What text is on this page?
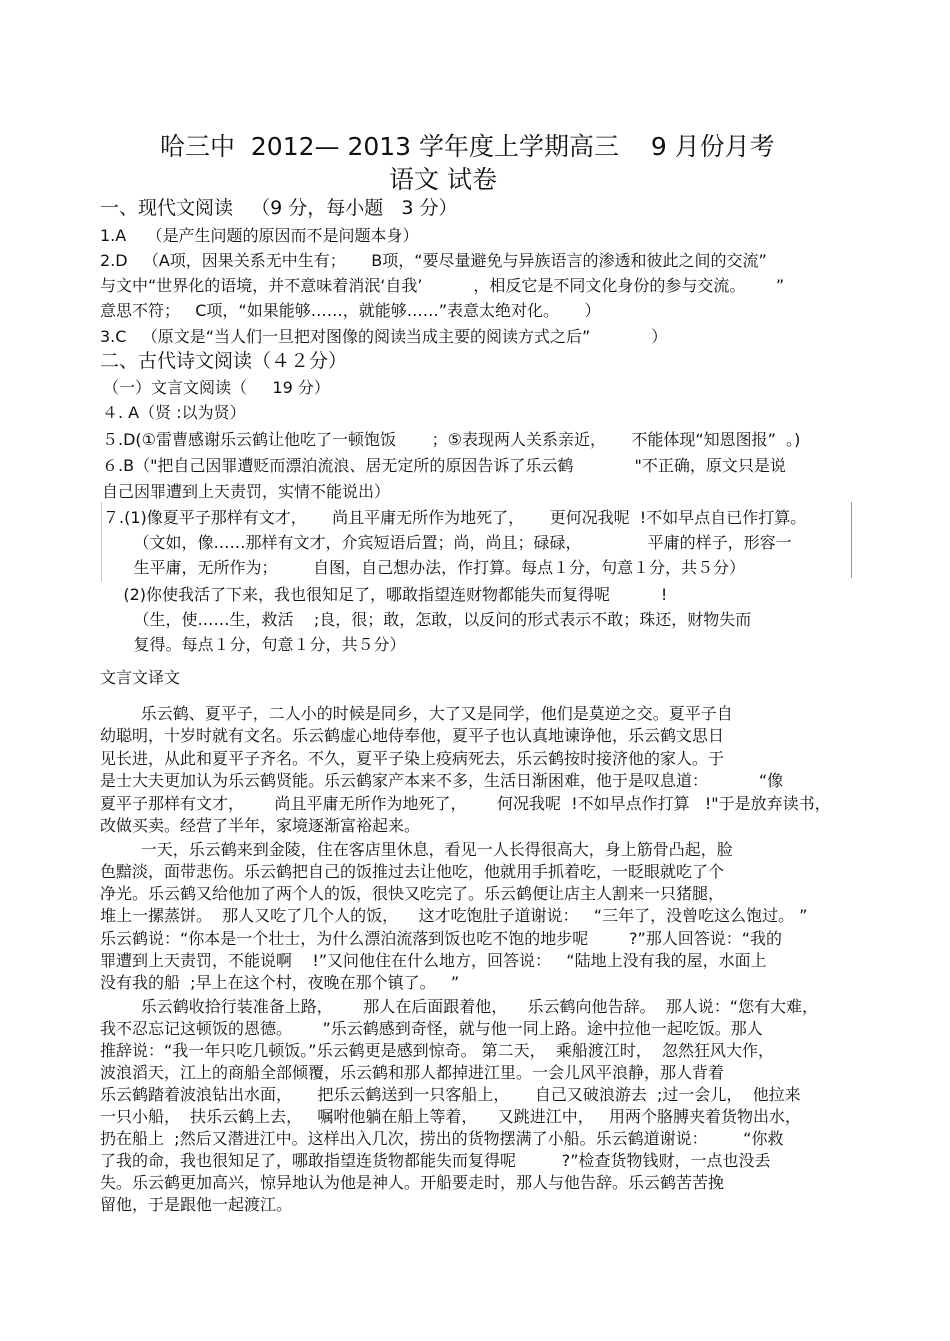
哈三中  2012— 2013 学年度上学期高三    9 月份月考
语文 试卷
一、现代文阅读   （9 分，每小题   3 分）
1.A    （是产生问题的原因而不是问题本身）
2.D   （A项，因果关系无中生有；     B项，“要尽量避免与异族语言的渗透和彼此之间的交流”
与文中“世界化的语境，并不意味着消泯‘自我’          ，相反它是不同文化身份的参与交流。      ”
意思不符；   C项，“如果能够……，就能够……”表意太绝对化。     ）
3.C   （原文是“当人们一旦把对图像的阅读当成主要的阅读方式之后”            ）
二、古代诗文阅读（４２分）
（一）文言文阅读（     19 分）
４. A（贤 :以为贤）
５.D(①雷曹感谢乐云鹤让他吃了一顿饱饭       ；⑤表现两人关系亲近，     不能体现“知恩图报”  。)
６.B（"把自己因罪遭贬而漂泊流浪、居无定所的原因告诉了乐云鹤            "不正确，原文只是说
自己因罪遭到上天责罚，实情不能说出）
７.(1)像夏平子那样有文才，     尚且平庸无所作为地死了，     更何况我呢  !不如早点自已作打算。
（文如，像……那样有文才，介宾短语后置；尚，尚且；碌碌，             平庸的样子，形容一
生平庸，无所作为；       自图，自己想办法，作打算。每点１分，句意１分，共５分）
(2)你使我活了下来，我也很知足了，哪敢指望连财物都能失而复得呢          !
（生，使……生，救活    ;良，很；敢，怎敢，以反问的形式表示不敢；珠还，财物失而
复得。每点１分，句意１分，共５分）
文言文译文
乐云鹤、夏平子，二人小的时候是同乡，大了又是同学，他们是莫逆之交。夏平子自
幼聪明，十岁时就有文名。乐云鹤虚心地侍奉他，夏平子也认真地谏诤他，乐云鹤文思日
见长进，从此和夏平子齐名。不久，夏平子染上疫病死去，乐云鹤按时接济他的家人。于
是士大夫更加认为乐云鹤贤能。乐云鹤家产本来不多，生活日渐困难，他于是叹息道：          “像
夏平子那样有文才，      尚且平庸无所作为地死了，      何况我呢  !不如早点作打算   !"于是放弃读书，
改做买卖。经营了半年，家境逐渐富裕起来。
一天，乐云鹤来到金陵，住在客店里休息，看见一人长得很高大，身上筋骨凸起，脸
色黯淡，面带悲伤。乐云鹤把自己的饭推过去让他吃，他就用手抓着吃，一眨眼就吃了个
净光。乐云鹤又给他加了两个人的饭，很快又吃完了。乐云鹤便让店主人割来一只猪腿，
堆上一摞蒸饼。  那人又吃了几个人的饭，    这才吃饱肚子道谢说：   “三年了，没曾吃这么饱过。 ”
乐云鹤说：“你本是一个壮士，为什么漂泊流落到饭也吃不饱的地步呢        ?”那人回答说：“我的
罪遭到上天责罚，不能说啊    !”又问他住在什么地方，回答说：   “陆地上没有我的屋，水面上
没有我的船  ;早上在这个村，夜晚在那个镇了。   ”
乐云鹤收拾行装准备上路，      那人在后面跟着他，    乐云鹤向他告辞。  那人说：“您有大难，
我不忍忘记这顿饭的恩德。      ”乐云鹤感到奇怪，就与他一同上路。途中拉他一起吃饭。那人
推辞说：“我一年只吃几顿饭。”乐云鹤更是感到惊奇。 第二天，  乘船渡江时，  忽然狂风大作，
波浪滔天，江上的商船全部倾覆，乐云鹤和那人都掉进江里。一会儿风平浪静，那人背着
乐云鹤踏着波浪钻出水面，     把乐云鹤送到一只客船上，     自己又破浪游去  ;过一会儿，  他拉来
一只小船，  扶乐云鹤上去，   嘱咐他躺在船上等着，    又跳进江中，   用两个胳膊夹着货物出水，
扔在船上  ;然后又潜进江中。这样出入几次，捞出的货物摆满了小船。乐云鹤道谢说：       “你救
了我的命，我也很知足了，哪敢指望连货物都能失而复得呢         ?”检查货物钱财，一点也没丢
失。乐云鹤更加高兴，惊异地认为他是神人。开船要走时，那人与他告辞。乐云鹤苦苦挽
留他，于是跟他一起渡江。
